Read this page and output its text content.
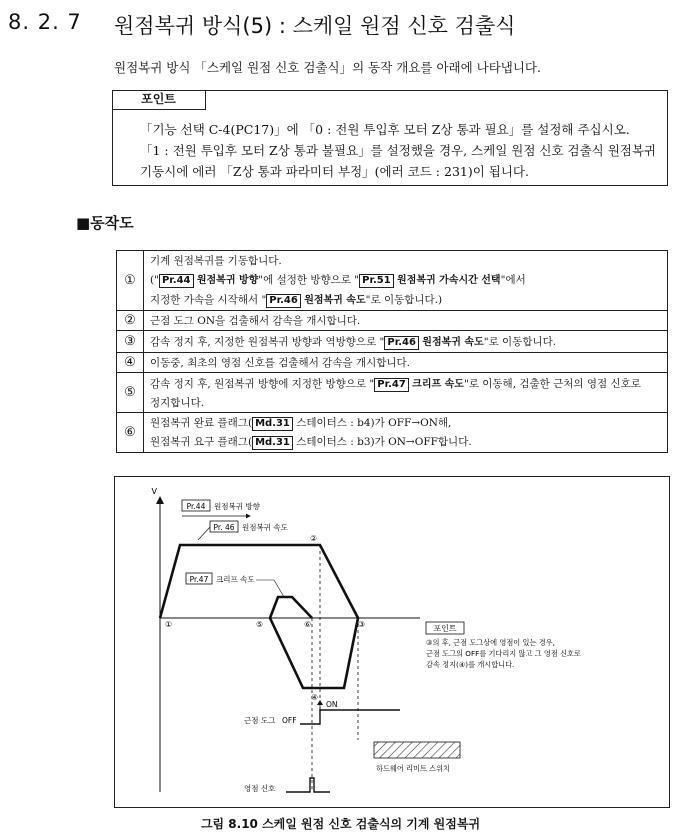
8. 2. 7 원점복귀 방식(5) : 스케일 원점 신호 검출식
원점복귀 방식 「스케일 원점 신호 검출식」의 동작 개요를 아래에 나타냅니다.
포인트
「기능 선택 C-4(PC17)」에 「0 : 전원 투입후 모터 Z상 통과 필요」를 설정해 주십시오.
「1 : 전원 투입후 모터 Z상 통과 불필요」를 설정했을 경우, 스케일 원점 신호 검출식 원점복귀
기동시에 에러 「Z상 통과 파라미터 부정」(에러 코드 : 231)이 됩니다.
■동작도
①	기계 원점복귀를 기동합니다.
(" Pr.44 원점복귀 방향"에 설정한 방향으로 " Pr.51 원점복귀 가속시간 선택"에서
지정한 가속을 시작해서 " Pr.46 원점복귀 속도"로 이동합니다.)

②	근점 도그 ON을 검출해서 감속을 개시합니다.
③	감속 정지 후, 지정한 원점복귀 방향과 역방향으로 " Pr.46 원점복귀 속도"로 이동합니다.
④	이동중, 최초의 영점 신호를 검출해서 감속을 개시합니다.
⑤	감속 정지 후, 원점복귀 방향에 지정한 방향으로 " Pr.47 크리프 속도"로 이동해, 검출한 근처의 영점 신호로
정지합니다.

⑥	원점복귀 완료 플래그( Md.31 스테이터스 : b4)가 OFF→ON해,
원점복귀 요구 플래그( Md.31 스테이터스 : b3)가 ON→OFF합니다.
V
Pr.44 원점복귀 방향
Pr. 46 원점복귀 속도
Pr.47 크리프 속도
①
②
③
④
⑤	⑥	포인트
③의 후, 근점 도그상에 영점이 있는 경우,
근점 도그의 OFF를 기다리지 않고 그 영점 신호로
감속 정지(④)를 개시합니다.
근점 도그 OFF
ON
하드웨어 리미트 스위치
영점 신호
그림 8.10 스케일 원점 신호 검출식의 기계 원점복귀
